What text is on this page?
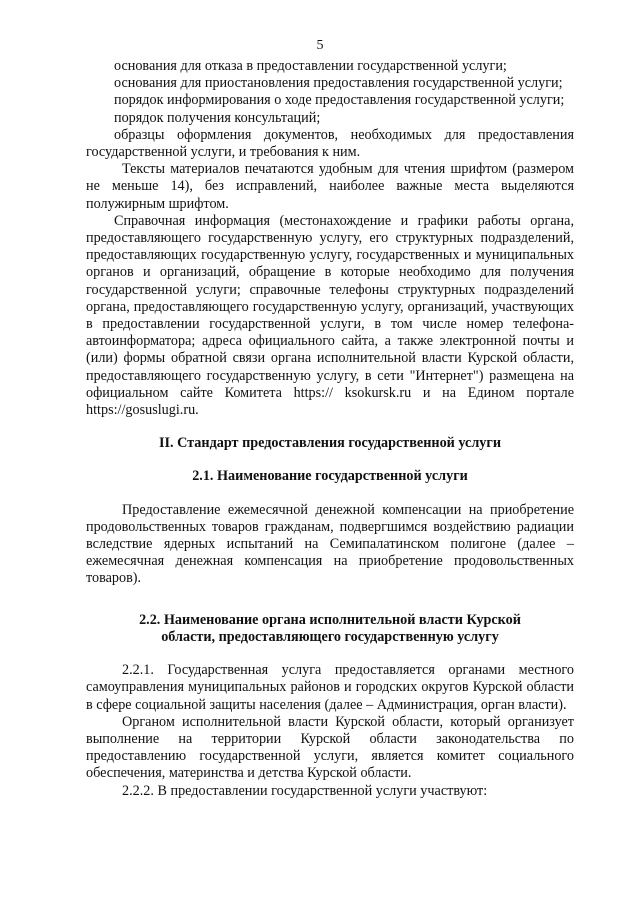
5

основания для отказа в предоставлении государственной услуги;

основания для приостановления предоставления государственной услуги;

порядок информирования о ходе предоставления государственной услуги;

порядок получения консультаций;

образцы оформления документов, необходимых для предоставления государственной услуги, и требования к ним.

Тексты материалов печатаются удобным для чтения шрифтом (размером не меньше 14), без исправлений, наиболее важные места выделяются полужирным шрифтом.

Справочная информация (местонахождение и графики работы органа, предоставляющего государственную услугу, его структурных подразделений, предоставляющих государственную услугу, государственных и муниципальных органов и организаций, обращение в которые необходимо для получения государственной услуги; справочные телефоны структурных подразделений органа, предоставляющего государственную услугу, организаций, участвующих в предоставлении государственной услуги, в том числе номер телефона-автоинформатора; адреса официального сайта, а также электронной почты и (или) формы обратной связи органа исполнительной власти Курской области, предоставляющего государственную услугу, в сети "Интернет") размещена на официальном сайте Комитета https:// ksokursk.ru и на Едином портале https://gosuslugi.ru.

II. Стандарт предоставления государственной услуги

2.1. Наименование государственной услуги

Предоставление ежемесячной денежной компенсации на приобретение продовольственных товаров гражданам, подвергшимся воздействию радиации вследствие ядерных испытаний на Семипалатинском полигоне (далее – ежемесячная денежная компенсация на приобретение продовольственных товаров).

2.2. Наименование органа исполнительной власти Курской

области, предоставляющего государственную услугу

2.2.1. Государственная услуга предоставляется органами местного самоуправления муниципальных районов и городских округов Курской области в сфере социальной защиты населения (далее – Администрация, орган власти).

Органом исполнительной власти Курской области, который организует выполнение на территории Курской области законодательства по предоставлению государственной услуги, является комитет социального обеспечения, материнства и детства Курской области.

2.2.2. В предоставлении государственной услуги участвуют:
